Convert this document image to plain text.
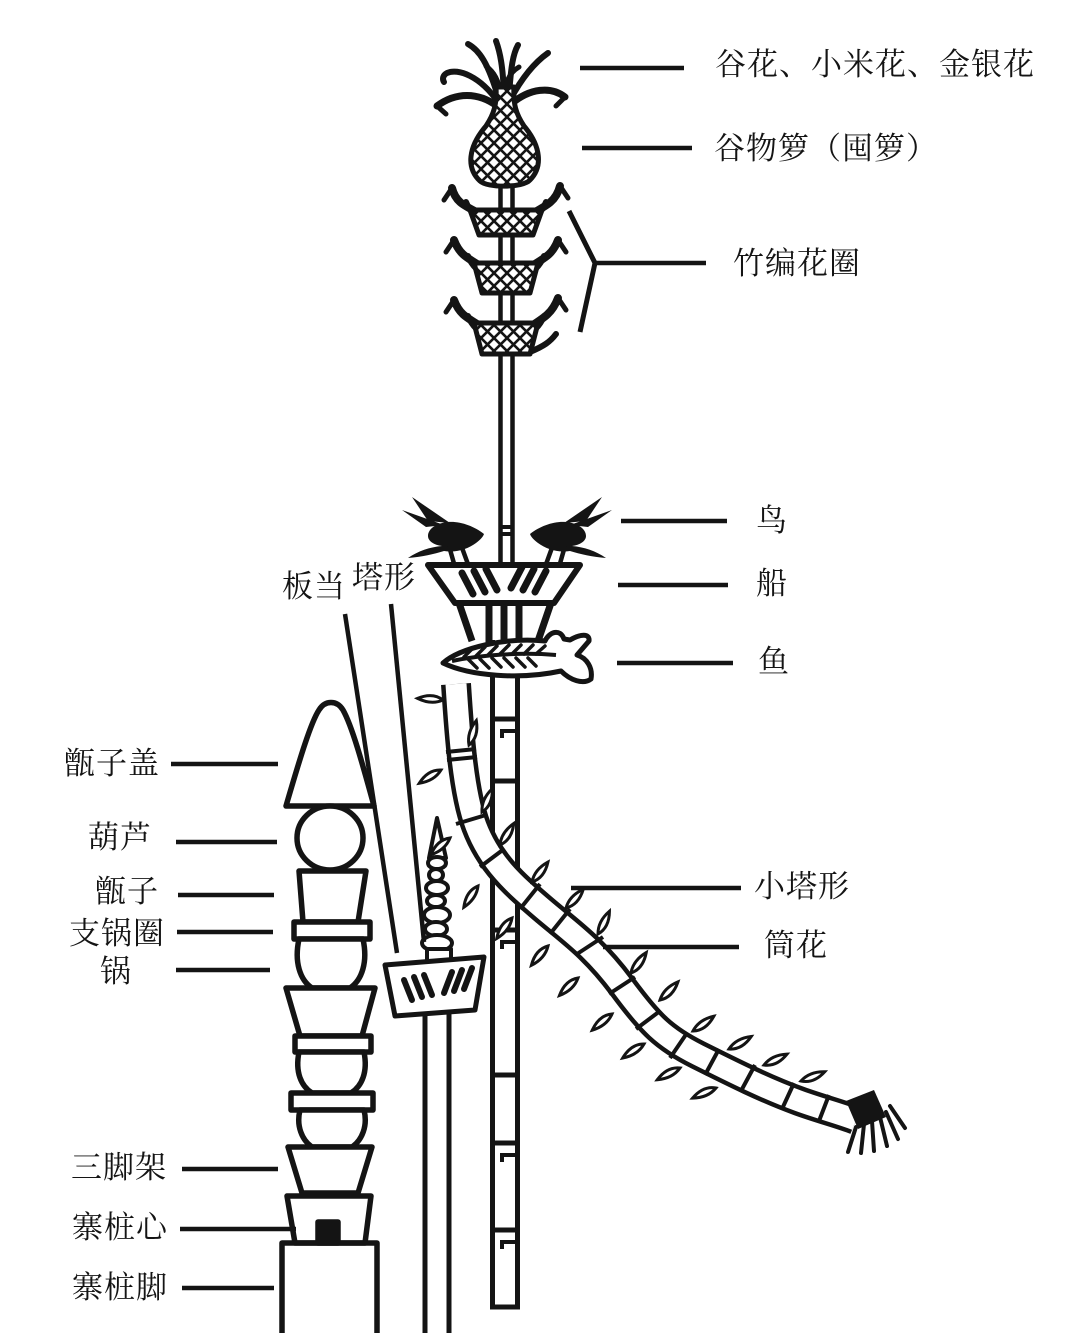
谷花、小米花、金银花
谷物箩（囤箩）
竹编花圈
鸟
船
鱼
小塔形
筒花
甑子盖
葫芦
甑子
支锅圈
锅
三脚架
寨桩心
寨桩脚
板当 塔形
